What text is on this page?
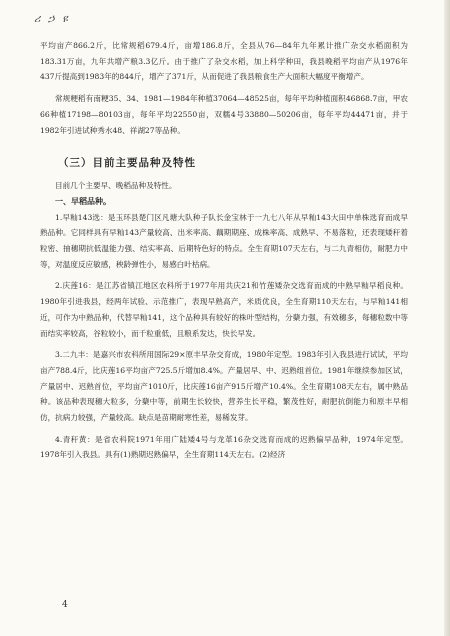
ሪ ኃ ዩ

平均亩产866.2斤，比常规稻679.4斤，亩增186.8斤，全县从76—84年九年累计推广杂交水稻面积为183.31万亩，九年共增产粮3.3亿斤。由于推广了杂交水稻，加上科学种田，我县晚稻平均亩产从1976年437斤提高到1983年的844斤，增产了371斤，从而促进了我县粮食生产大面积大幅度平衡增产。

常规粳稻有南粳35、34、1981—1984年种植37064—48525亩，每年平均种植面积46868.7亩，甲农66种植17198—80103亩，每年平均22550亩，双糯4号33880—50206亩，每年平均44471亩，并于1982年引进试种秀水48、祥湖27等品种。

（三）目前主要品种及特性

目前几个主要早、晚稻品种及特性。

一、早稻品种。

1.早籼143选：是玉环县楚门区凡塘大队种子队长金宝林于一九七八年从早籼143大田中单株选育而成早熟品种。它同样具有早籼143产量较高、出米率高、藕期期座、成株率高、成熟早、不易落粒，还表现矮秆着粒密、抽穗期抗低温能力强、结实率高、后期特色好的特点。全生育期107天左右，与二九青相仿，耐肥力中等，对温度反应敏感，秧龄弹性小，易感白叶枯病。

2.庆莲16：是江苏省镇江地区农科所于1977年用共庆21和竹莲矮杂交选育而成的中熟早籼早稻良种。1980年引进我县，经两年试验、示范推广，表现早熟高产，米质优良，全生育期110天左右，与早籼141相近，可作为中熟品种，代替早籼141，这个品种具有较好的株叶型结构，分蘖力强，有效穗多，每穗粒数中等而结实率较高，谷粒较小，而千粒重低，且粮系发达，快长早发。

3.二九丰：是嘉兴市农科所用国际29×原丰早杂交育成，1980年定型。1983年引入我县进行试试，平均亩产788.4斤，比庆莲16平均亩产725.5斤增加8.4%。产量居早、中、迟熟组首位。1981年继续参加区试，产量居中、迟熟首位，平均亩产1010斤，比庆莲16亩产915斤增产10.4%。全生育期108天左右，属中熟品种。该品种表现穗大粒多，分蘖中等，前期生长较快，营养生长平稳，繁茂性好，耐肥抗倒能力和原丰早相仿，抗病力较强，产量较高。缺点是苗期耐寒性差，易稀发芽。

4.青秆黄：是省农科院1971年用广陆矮4号与龙革16杂交选育而成的迟熟偏早品种，1974年定型。1978年引入我县。具有(1)熟期迟熟偏早，全生育期114天左右。(2)经济

4
